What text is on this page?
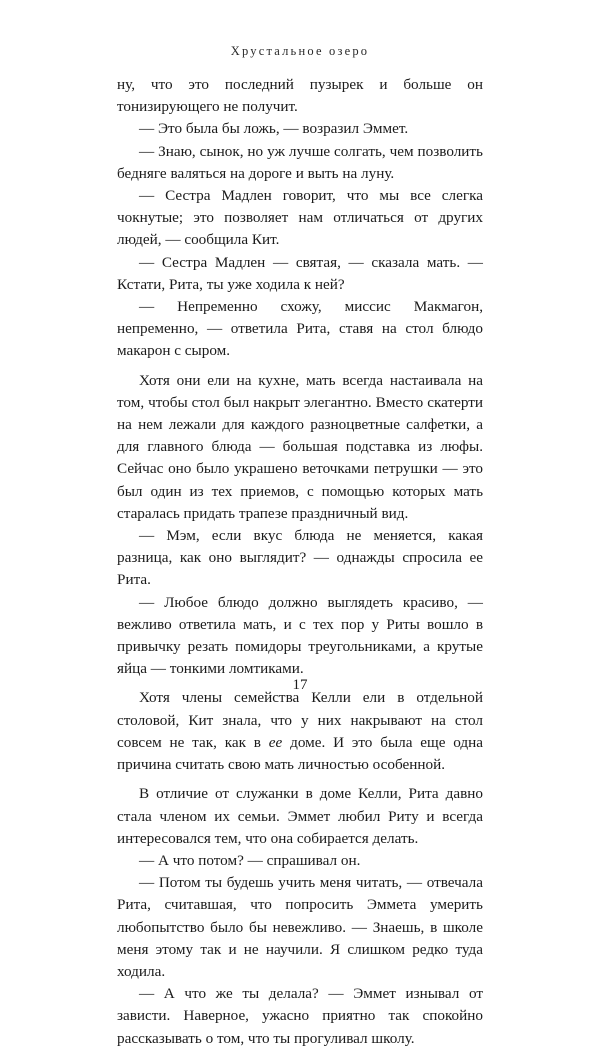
Хрустальное озеро

ну, что это последний пузырек и больше он тонизирующего не получит.

— Это была бы ложь, — возразил Эммет.

— Знаю, сынок, но уж лучше солгать, чем позволить бедняге валяться на дороге и выть на луну.

— Сестра Мадлен говорит, что мы все слегка чокнутые; это позволяет нам отличаться от других людей, — сообщила Кит.

— Сестра Мадлен — святая, — сказала мать. — Кстати, Рита, ты уже ходила к ней?

— Непременно схожу, миссис Макмагон, непременно, — ответила Рита, ставя на стол блюдо макарон с сыром.

Хотя они ели на кухне, мать всегда настаивала на том, чтобы стол был накрыт элегантно. Вместо скатерти на нем лежали для каждого разноцветные салфетки, а для главного блюда — большая подставка из люфы. Сейчас оно было украшено веточками петрушки — это был один из тех приемов, с помощью которых мать старалась придать трапезе праздничный вид.

— Мэм, если вкус блюда не меняется, какая разница, как оно выглядит? — однажды спросила ее Рита.

— Любое блюдо должно выглядеть красиво, — вежливо ответила мать, и с тех пор у Риты вошло в привычку резать помидоры треугольниками, а крутые яйца — тонкими ломтиками.

Хотя члены семейства Келли ели в отдельной столовой, Кит знала, что у них накрывают на стол совсем не так, как в ее доме. И это была еще одна причина считать свою мать личностью особенной.

В отличие от служанки в доме Келли, Рита давно стала членом их семьи. Эммет любил Риту и всегда интересовался тем, что она собирается делать.

— А что потом? — спрашивал он.

— Потом ты будешь учить меня читать, — отвечала Рита, считавшая, что попросить Эммета умерить любопытство было бы невежливо. — Знаешь, в школе меня этому так и не научили. Я слишком редко туда ходила.

— А что же ты делала? — Эммет изнывал от зависти. Наверное, ужасно приятно так спокойно рассказывать о том, что ты прогуливал школу.

17
